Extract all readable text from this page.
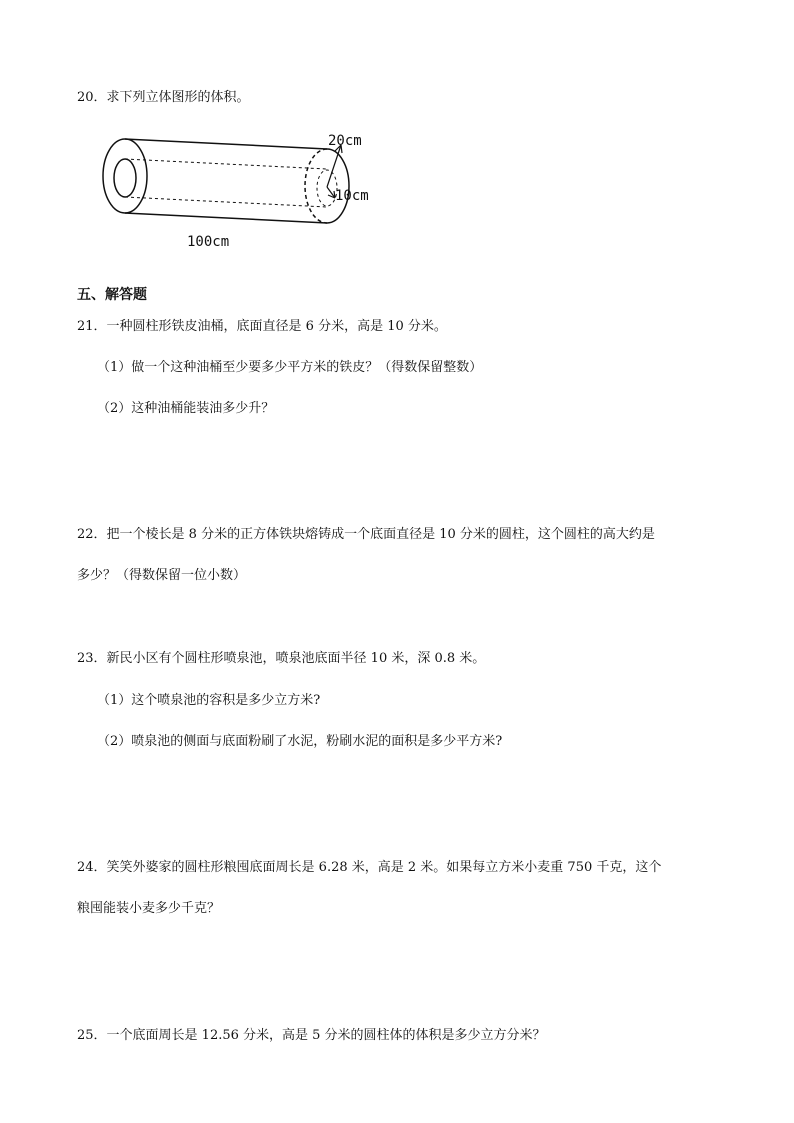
20．求下列立体图形的体积。
20cm
10cm
100cm
五、解答题
21．一种圆柱形铁皮油桶，底面直径是 6 分米，高是 10 分米。
（1）做一个这种油桶至少要多少平方米的铁皮？（得数保留整数）
（2）这种油桶能装油多少升？
22．把一个棱长是 8 分米的正方体铁块熔铸成一个底面直径是 10 分米的圆柱，这个圆柱的高大约是
多少？（得数保留一位小数）
23．新民小区有个圆柱形喷泉池，喷泉池底面半径 10 米，深 0.8 米。
（1）这个喷泉池的容积是多少立方米?
（2）喷泉池的侧面与底面粉刷了水泥，粉刷水泥的面积是多少平方米?
24．笑笑外婆家的圆柱形粮囤底面周长是 6.28 米，高是 2 米。如果每立方米小麦重 750 千克，这个
粮囤能装小麦多少千克？
25．一个底面周长是 12.56 分米，高是 5 分米的圆柱体的体积是多少立方分米？
